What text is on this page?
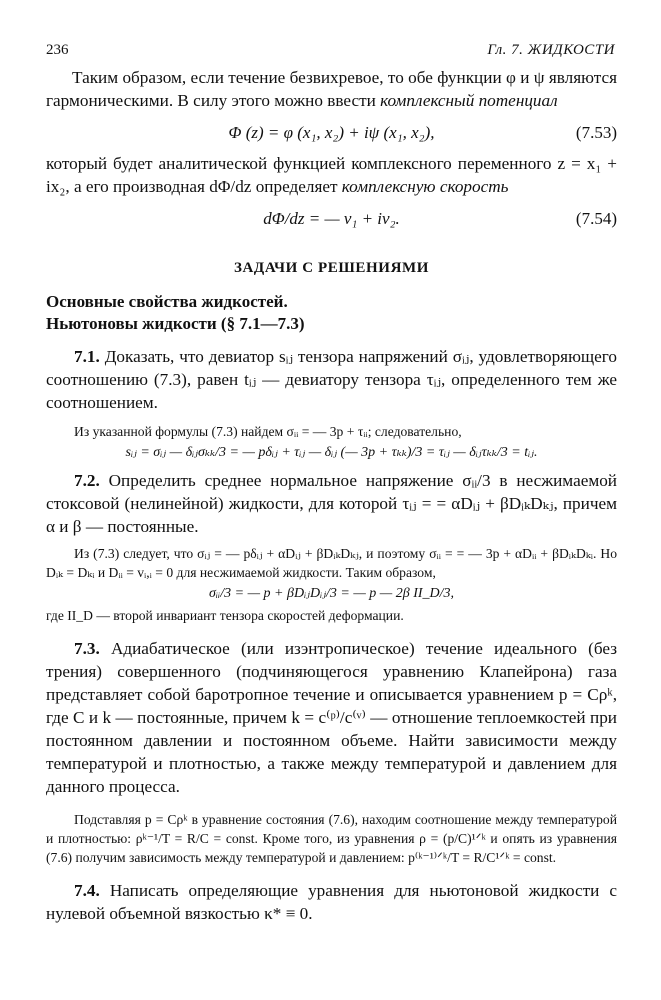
236	Гл. 7. ЖИДКОСТИ

Таким образом, если течение безвихревое, то обе функции φ и ψ являются гармоническими. В силу этого можно ввести комплексный потенциал

Φ (z) = φ (x₁, x₂) + iψ (x₁, x₂),	(7.53)

который будет аналитической функцией комплексного переменного z = x₁ + ix₂, а его производная dΦ/dz определяет комплексную скорость

dΦ/dz = — v₁ + iv₂.	(7.54)
ЗАДАЧИ С РЕШЕНИЯМИ
Основные свойства жидкостей.
Ньютоновы жидкости (§ 7.1—7.3)

7.1. Доказать, что девиатор sᵢⱼ тензора напряжений σᵢⱼ, удовлетворяющего соотношению (7.3), равен tᵢⱼ — девиатору тензора τᵢⱼ, определенного тем же соотношением.

Из указанной формулы (7.3) найдем σᵢᵢ = — 3p + τᵢᵢ; следовательно,

sᵢⱼ = σᵢⱼ — δᵢⱼσₖₖ/3 = — pδᵢⱼ + τᵢⱼ — δᵢⱼ (— 3p + τₖₖ)/3 = τᵢⱼ — δᵢⱼτₖₖ/3 = tᵢⱼ.

7.2. Определить среднее нормальное напряжение σᵢᵢ/3 в несжимаемой стоксовой (нелинейной) жидкости, для которой τᵢⱼ = = αDᵢⱼ + βDᵢₖDₖⱼ, причем α и β — постоянные.

Из (7.3) следует, что σᵢⱼ = — pδᵢⱼ + αDᵢⱼ + βDᵢₖDₖⱼ, и поэтому σᵢᵢ = = — 3p + αDᵢᵢ + βDᵢₖDₖᵢ. Но Dᵢₖ = Dₖᵢ и Dᵢᵢ = vᵢ,ᵢ = 0 для несжимаемой жидкости. Таким образом,

σᵢᵢ/3 = — p + βDᵢⱼDᵢⱼ/3 = — p — 2β II_D/3,

где II_D — второй инвариант тензора скоростей деформации.

7.3. Адиабатическое (или изэнтропическое) течение идеального (без трения) совершенного (подчиняющегося уравнению Клапейрона) газа представляет собой баротропное течение и описывается уравнением p = Cρᵏ, где C и k — постоянные, причем k = c⁽ᵖ⁾/c⁽ᵛ⁾ — отношение теплоемкостей при постоянном давлении и постоянном объеме. Найти зависимости между температурой и плотностью, а также между температурой и давлением для данного процесса.

Подставляя p = Cρᵏ в уравнение состояния (7.6), находим соотношение между температурой и плотностью: ρᵏ⁻¹/T = R/C = const. Кроме того, из уравнения ρ = (p/C)¹ᐟᵏ и опять из уравнения (7.6) получим зависимость между температурой и давлением: p⁽ᵏ⁻¹⁾ᐟᵏ/T = R/C¹ᐟᵏ = const.

7.4. Написать определяющие уравнения для ньютоновой жидкости с нулевой объемной вязкостью κ* ≡ 0.
